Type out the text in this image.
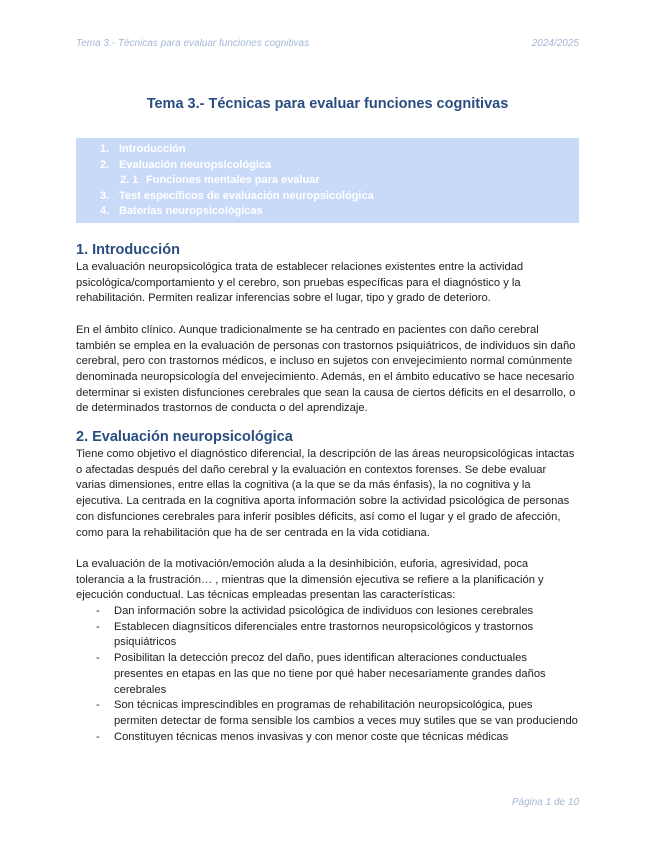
Tema 3.- Técnicas para evaluar funciones cognitivas	2024/2025
Tema 3.- Técnicas para evaluar funciones cognitivas
1. Introducción
2. Evaluación neuropsicológica
2. 1 Funciones mentales para evaluar
3. Test específicos de evaluación neuropsicológica
4. Baterías neuropsicológicas
1. Introducción

La evaluación neuropsicológica trata de establecer relaciones existentes entre la actividad psicológica/comportamiento y el cerebro, son pruebas específicas para el diagnóstico y la rehabilitación. Permiten realizar inferencias sobre el lugar, tipo y grado de deterioro.

En el ámbito clínico. Aunque tradicionalmente se ha centrado en pacientes con daño cerebral también se emplea en la evaluación de personas con trastornos psiquiátricos, de individuos sin daño cerebral, pero con trastornos médicos, e incluso en sujetos con envejecimiento normal comúnmente denominada neuropsicología del envejecimiento. Además, en el ámbito educativo se hace necesario determinar si existen disfunciones cerebrales que sean la causa de ciertos déficits en el desarrollo, o de determinados trastornos de conducta o del aprendizaje.

2. Evaluación neuropsicológica

Tiene como objetivo el diagnóstico diferencial, la descripción de las áreas neuropsicológicas intactas o afectadas después del daño cerebral y la evaluación en contextos forenses. Se debe evaluar varias dimensiones, entre ellas la cognitiva (a la que se da más énfasis), la no cognitiva y la ejecutiva. La centrada en la cognitiva aporta información sobre la actividad psicológica de personas con disfunciones cerebrales para inferir posibles déficits, así como el lugar y el grado de afección, como para la rehabilitación que ha de ser centrada en la vida cotidiana.

La evaluación de la motivación/emoción aluda a la desinhibición, euforia, agresividad, poca tolerancia a la frustración… , mientras que la dimensión ejecutiva se refiere a la planificación y ejecución conductual. Las técnicas empleadas presentan las características:

- Dan información sobre la actividad psicológica de individuos con lesiones cerebrales
- Establecen diagnsíticos diferenciales entre trastornos neuropsicológicos y trastornos psiquiátricos
- Posibilitan la detección precoz del daño, pues identifican alteraciones conductuales presentes en etapas en las que no tiene por qué haber necesariamente grandes daños cerebrales
- Son técnicas imprescindibles en programas de rehabilitación neuropsicológica, pues permiten detectar de forma sensible los cambios a veces muy sutiles que se van produciendo
- Constituyen técnicas menos invasivas y con menor coste que técnicas médicas
Página 1 de 10
